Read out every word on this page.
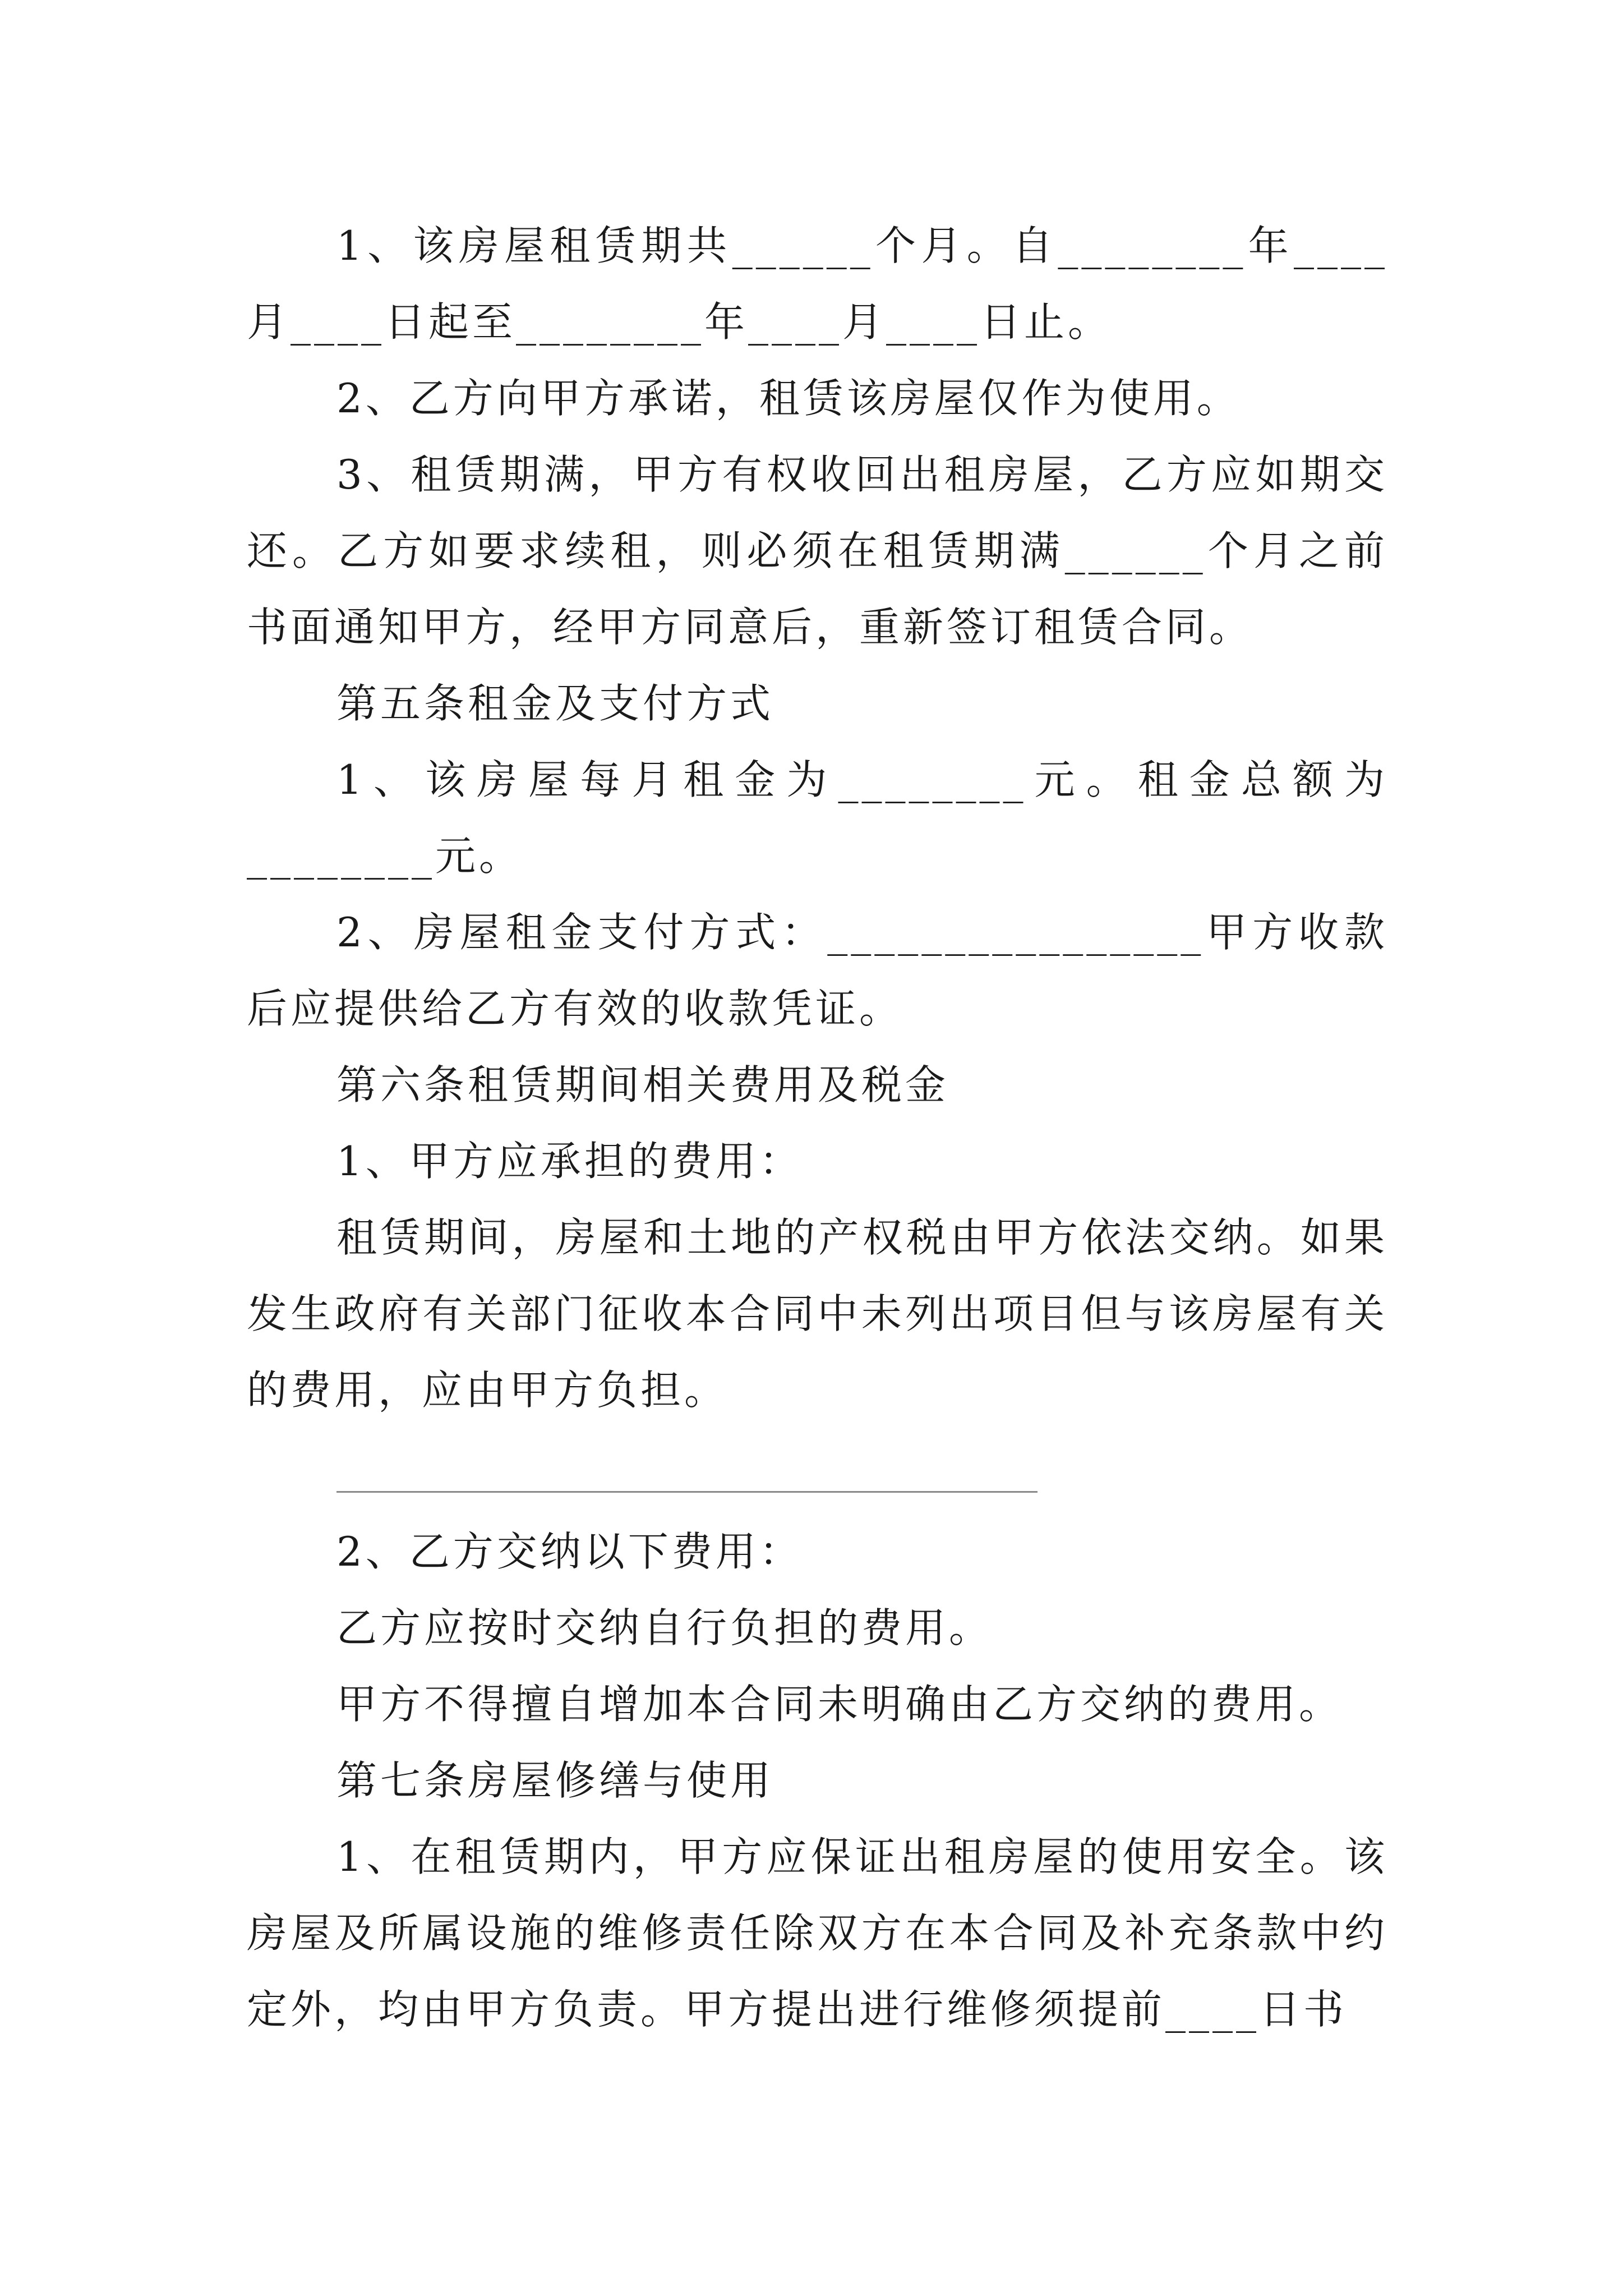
1、该房屋租赁期共______个月。自________年____月____日起至________年____月____日止。

2、乙方向甲方承诺，租赁该房屋仅作为使用。

3、租赁期满，甲方有权收回出租房屋，乙方应如期交还。乙方如要求续租，则必须在租赁期满______个月之前书面通知甲方，经甲方同意后，重新签订租赁合同。

第五条租金及支付方式

1、该房屋每月租金为________元。租金总额为________元。

2、房屋租金支付方式：________________甲方收款后应提供给乙方有效的收款凭证。

第六条租赁期间相关费用及税金

1、甲方应承担的费用：

租赁期间，房屋和土地的产权税由甲方依法交纳。如果发生政府有关部门征收本合同中未列出项目但与该房屋有关的费用，应由甲方负担。

2、乙方交纳以下费用：

乙方应按时交纳自行负担的费用。

甲方不得擅自增加本合同未明确由乙方交纳的费用。

第七条房屋修缮与使用

1、在租赁期内，甲方应保证出租房屋的使用安全。该房屋及所属设施的维修责任除双方在本合同及补充条款中约定外，均由甲方负责。甲方提出进行维修须提前____日书
